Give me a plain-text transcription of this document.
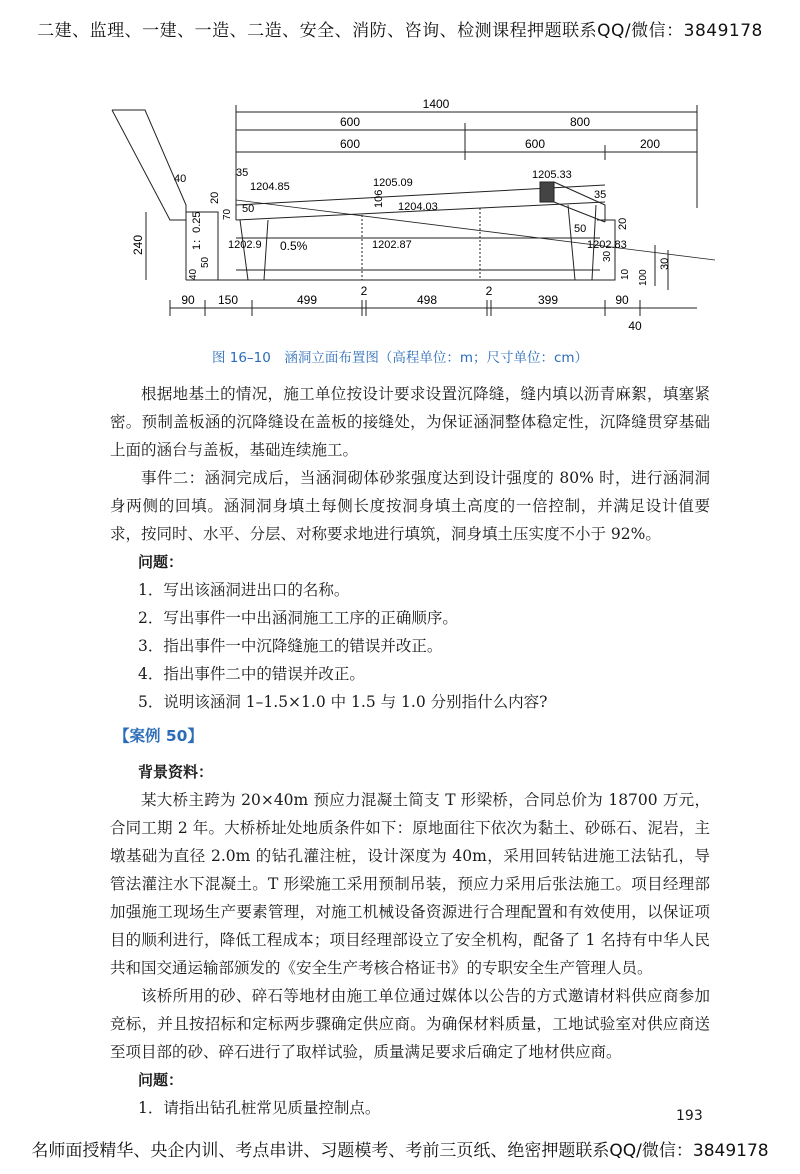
二建、监理、一建、一造、二造、安全、消防、咨询、检测课程押题联系QQ/微信：3849178
1400
600	800
600	600	200
1204.85	1205.09
1204.03
1205.33
1202.9	1202.87	1202.83
106
0.5%
40	35
20
50
70
240	1：0.25
40
50
35
20
50
30
30
10 100
90 150	499
2
498
2
399	90
40
图 16–10　涵洞立面布置图（高程单位：m；尺寸单位：cm）

根据地基土的情况，施工单位按设计要求设置沉降缝，缝内填以沥青麻絮，填塞紧密。预制盖板涵的沉降缝设在盖板的接缝处，为保证涵洞整体稳定性，沉降缝贯穿基础上面的涵台与盖板，基础连续施工。

事件二：涵洞完成后，当涵洞砌体砂浆强度达到设计强度的 80% 时，进行涵洞洞身两侧的回填。涵洞洞身填土每侧长度按洞身填土高度的一倍控制，并满足设计值要求，按同时、水平、分层、对称要求地进行填筑，洞身填土压实度不小于 92%。

问题：

1．写出该涵洞进出口的名称。

2．写出事件一中出涵洞施工工序的正确顺序。

3．指出事件一中沉降缝施工的错误并改正。

4．指出事件二中的错误并改正。

5．说明该涵洞 1–1.5×1.0 中 1.5 与 1.0 分别指什么内容?

【案例 50】

背景资料：

某大桥主跨为 20×40m 预应力混凝土简支 T 形梁桥，合同总价为 18700 万元，合同工期 2 年。大桥桥址处地质条件如下：原地面往下依次为黏土、砂砾石、泥岩，主墩基础为直径 2.0m 的钻孔灌注桩，设计深度为 40m，采用回转钻进施工法钻孔，导管法灌注水下混凝土。T 形梁施工采用预制吊装，预应力采用后张法施工。项目经理部加强施工现场生产要素管理，对施工机械设备资源进行合理配置和有效使用，以保证项目的顺利进行，降低工程成本；项目经理部设立了安全机构，配备了 1 名持有中华人民共和国交通运输部颁发的《安全生产考核合格证书》的专职安全生产管理人员。

该桥所用的砂、碎石等地材由施工单位通过媒体以公告的方式邀请材料供应商参加竞标，并且按招标和定标两步骤确定供应商。为确保材料质量，工地试验室对供应商送至项目部的砂、碎石进行了取样试验，质量满足要求后确定了地材供应商。

问题：

1．请指出钻孔桩常见质量控制点。	193
名师面授精华、央企内训、考点串讲、习题模考、考前三页纸、绝密押题联系QQ/微信：3849178
